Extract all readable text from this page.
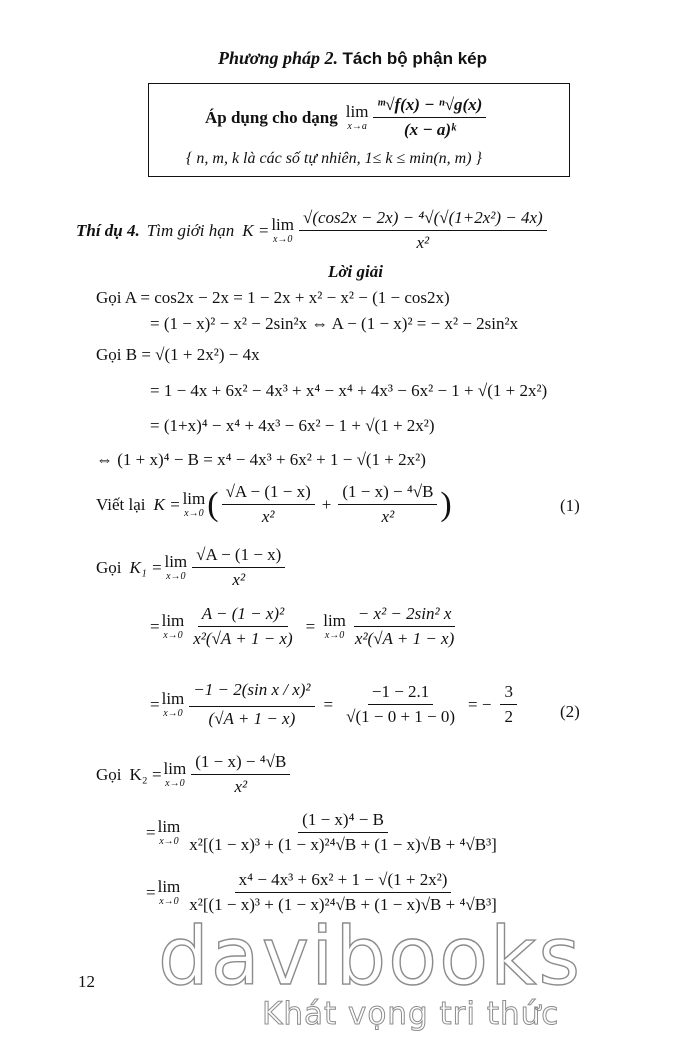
Phương pháp 2. Tách bộ phận kép
Áp dụng cho dạng lim
$x\to a \frac{\text{ᵐ√f(x) − ⁿ√g(x)}}{\text{(x − a)ᵏ}}$
{ n, m, k là các số tự nhiên, 1≤ k ≤ min(n, m) }
Thí dụ 4. Tìm giới hạn K = lim
$x\to 0 \frac{\text{√(cos2x − 2x) − ⁴√(√(1+2x²) − 4x)}}{\text{x²}}$
Lời giải
Gọi A = cos2x − 2x = 1 − 2x + x² − x² − (1 − cos2x)
= (1 − x)² − x² − 2sin²x ⇔ A − (1 − x)² = − x² − 2sin²x
Gọi B = √(1 + 2x²) − 4x
= 1 − 4x + 6x² − 4x³ + x⁴ − x⁴ + 4x³ − 6x² − 1 + √(1 + 2x²)
= (1+x)⁴ − x⁴ + 4x³ − 6x² − 1 + √(1 + 2x²)
⇔ (1 + x)⁴ − B = x⁴ − 4x³ + 6x² + 1 − √(1 + 2x²)
Viết lại K = lim
x→0 ( $\frac{√A - (1 - x)}{\text{x²}} + \frac{\text{(1 − x) − ⁴√B}}{\text{x²}}$ )	(1)
Gọi K₁ = lim
$x\to 0 \frac{√A - (1 - x)}{\text{x²}}$
= lim
$x\to 0 \frac{\text{A − (1 − x)²}}{\text{x²(√A + 1 − x)}} = \lim$
$x\to 0 \frac{\text{− x² − 2sin² x}}{\text{x²(√A + 1 − x)}}$
= lim
$x\to 0 \frac{\text{−1 − 2(sin x / x)²}}{(√A + 1 - x)} = \frac{-1 - 2.1}{√(1 - 0 + 1 - 0)}$ = − $\frac{3}{2}$	(2)
Gọi K₂ = lim
$x\to 0 \frac{\text{(1 − x) − ⁴√B}}{\text{x²}}$
= lim
$x\to 0 \frac{\text{(1 − x)⁴ − B}}{\text{x²[(1 − x)³ + (1 − x)²⁴√B + (1 − x)√B + ⁴√B³]}}$
= lim
$x\to 0 \frac{\text{x⁴ − 4x³ + 6x² + 1 − √(1 + 2x²)}}{\text{x²[(1 − x)³ + (1 − x)²⁴√B + (1 − x)√B + ⁴√B³]}}$
12 davibooks
Khát vọng tri thức
